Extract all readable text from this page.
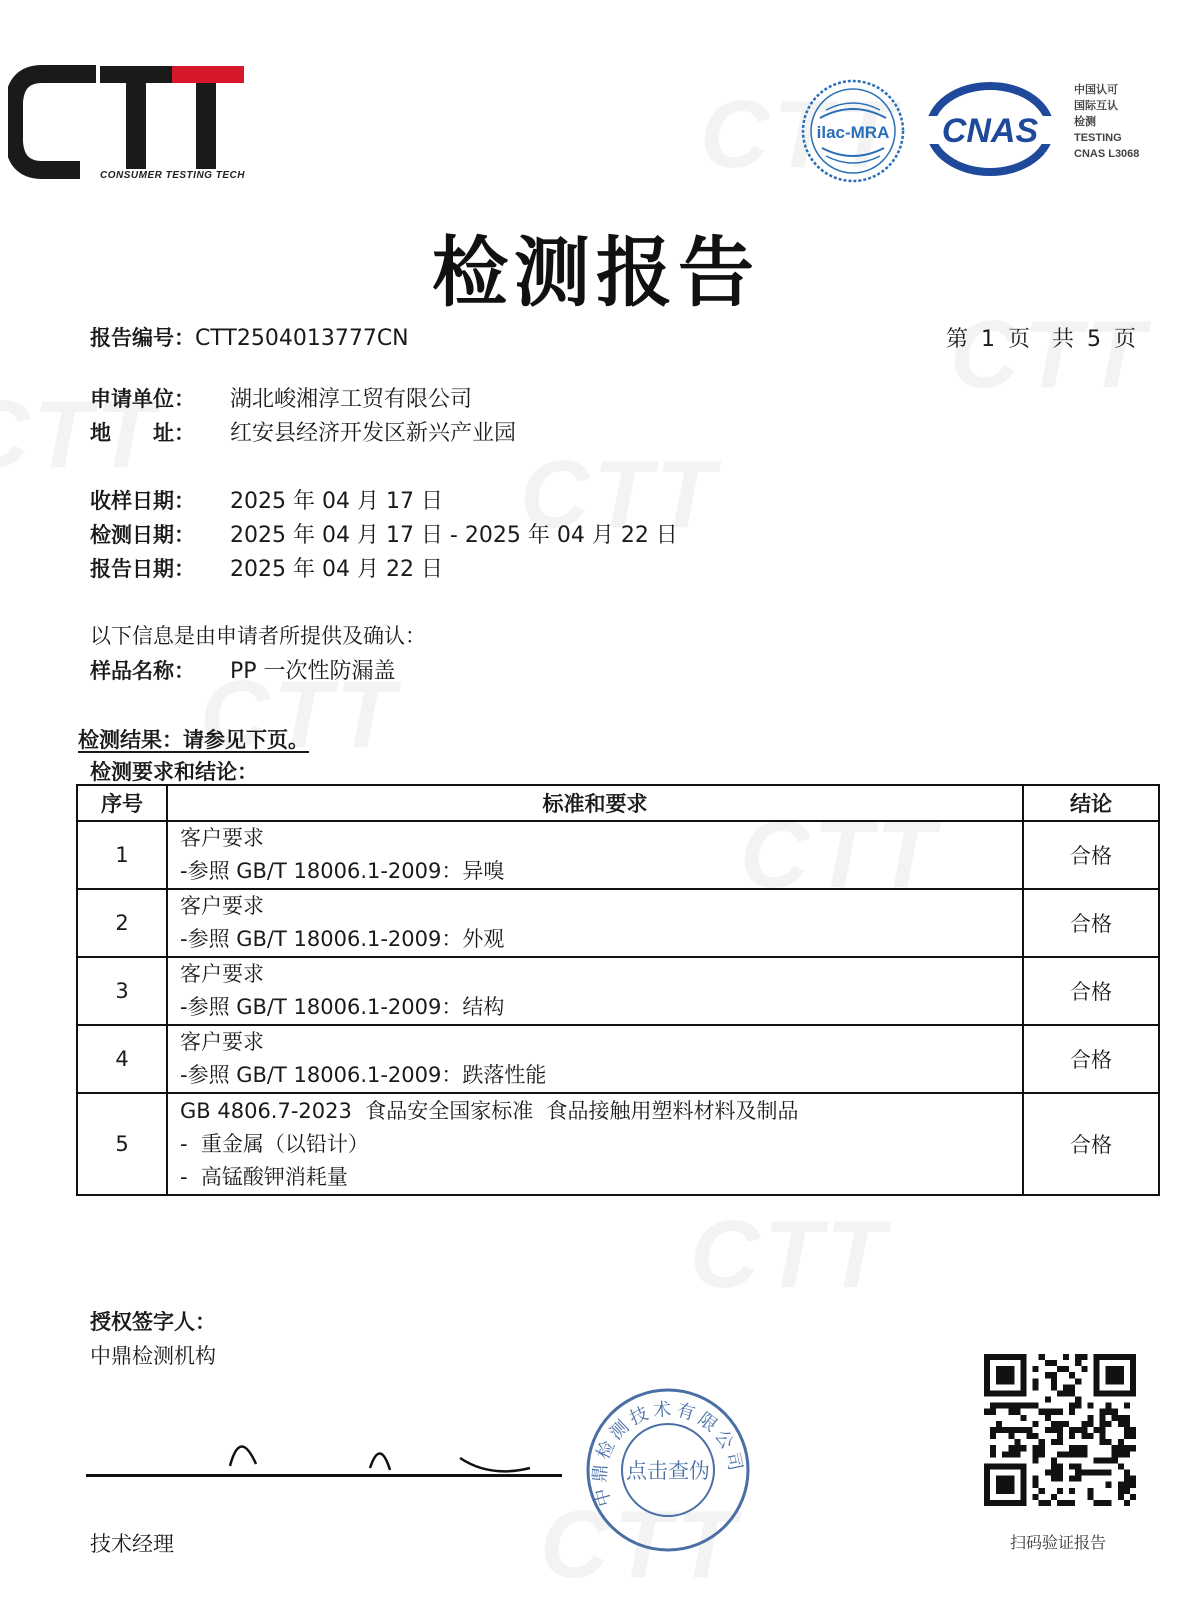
CONSUMER TESTING TECH
ilac-MRA CNAS
中国认可
国际互认
检测
TESTING
CNAS L3068
检测报告
报告编号：CTT2504013777CN	第 1 页　共 5 页
申请单位： 湖北峻湘淳工贸有限公司
地　　址： 红安县经济开发区新兴产业园
收样日期： 2025 年 04 月 17 日
检测日期： 2025 年 04 月 17 日 - 2025 年 04 月 22 日
报告日期： 2025 年 04 月 22 日
以下信息是由申请者所提供及确认：
样品名称： PP 一次性防漏盖
检测结果：请参见下页。
检测要求和结论：
序号	标准和要求	结论
1	客户要求
-参照 GB/T 18006.1-2009：异嗅	合格
2	客户要求
-参照 GB/T 18006.1-2009：外观	合格
3	客户要求
-参照 GB/T 18006.1-2009：结构	合格
4	客户要求
-参照 GB/T 18006.1-2009：跌落性能	合格
5	GB 4806.7-2023  食品安全国家标准  食品接触用塑料材料及制品
-  重金属（以铅计）
-  高锰酸钾消耗量	合格
授权签字人：
中鼎检测机构
技术经理
中鼎检测技术有限公司
点击查伪
扫码验证报告
